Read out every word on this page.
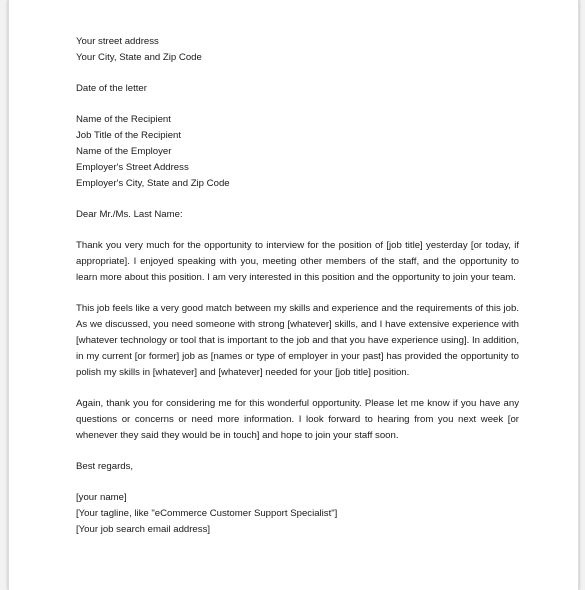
Your street address
Your City, State and Zip Code
Date of the letter
Name of the Recipient
Job Title of the Recipient
Name of the Employer
Employer's Street Address
Employer's City, State and Zip Code
Dear Mr./Ms. Last Name:

Thank you very much for the opportunity to interview for the position of [job title] yesterday [or today, if appropriate]. I enjoyed speaking with you, meeting other members of the staff, and the opportunity to learn more about this position. I am very interested in this position and the opportunity to join your team.

This job feels like a very good match between my skills and experience and the requirements of this job. As we discussed, you need someone with strong [whatever] skills, and I have extensive experience with [whatever technology or tool that is important to the job and that you have experience using]. In addition, in my current [or former] job as [names or type of employer in your past] has provided the opportunity to polish my skills in [whatever] and [whatever] needed for your [job title] position.

Again, thank you for considering me for this wonderful opportunity. Please let me know if you have any questions or concerns or need more information. I look forward to hearing from you next week [or whenever they said they would be in touch] and hope to join your staff soon.

Best regards,
[your name]
[Your tagline, like "eCommerce Customer Support Specialist"]
[Your job search email address]
